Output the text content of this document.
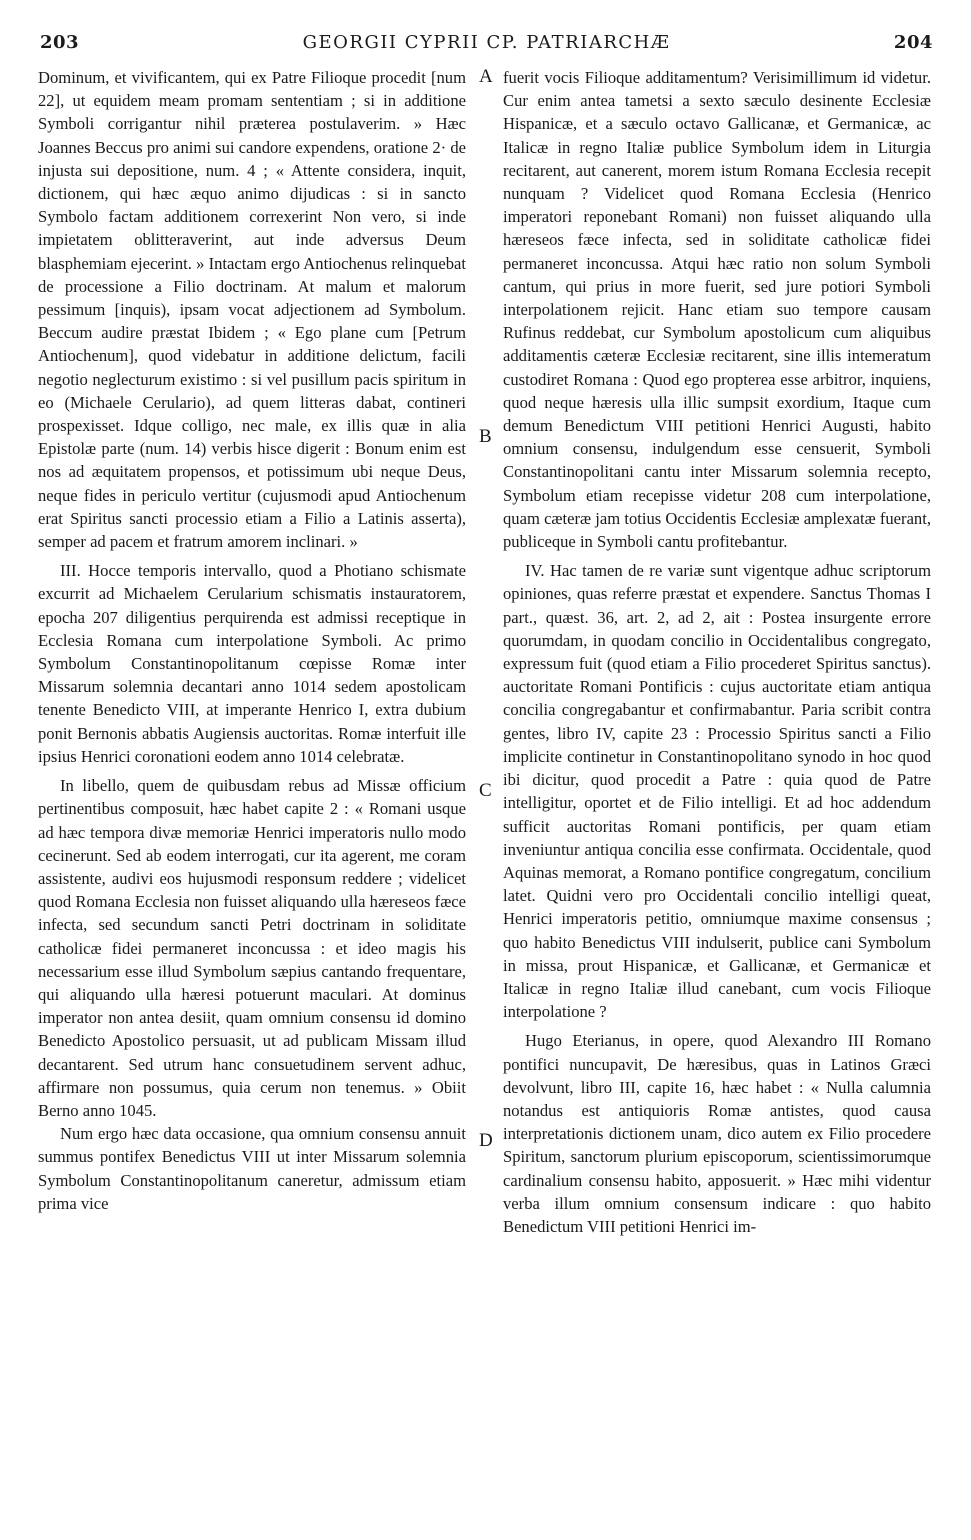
203	GEORGII CYPRII CP. PATRIARCHÆ	204

Dominum, et vivificantem, qui ex Patre Filioque procedit [num 22], ut equidem meam promam sententiam ; si in additione Symboli corrigantur nihil præterea postulaverim. » Hæc Joannes Beccus pro animi sui candore expendens, oratione 2· de injusta sui depositione, num. 4 ; « Attente considera, inquit, dictionem, qui hæc æquo animo dijudicas : si in sancto Symbolo factam additionem correxerint Non vero, si inde impietatem oblitteraverint, aut inde adversus Deum blasphemiam ejecerint. » Intactam ergo Antiochenus relinquebat de processione a Filio doctrinam. At malum et malorum pessimum [inquis), ipsam vocat adjectionem ad Symbolum. Beccum audire præstat Ibidem ; « Ego plane cum [Petrum Antiochenum], quod videbatur in additione delictum, facili negotio neglecturum existimo : si vel pusillum pacis spiritum in eo (Michaele Cerulario), ad quem litteras dabat, contineri prospexisset. Idque colligo, nec male, ex illis quæ in alia Epistolæ parte (num. 14) verbis hisce digerit : Bonum enim est nos ad æquitatem propensos, et potissimum ubi neque Deus, neque fides in periculo vertitur (cujusmodi apud Antiochenum erat Spiritus sancti processio etiam a Filio a Latinis asserta), semper ad pacem et fratrum amorem inclinari. »

III. Hocce temporis intervallo, quod a Photiano schismate excurrit ad Michaelem Cerularium schismatis instauratorem, epocha 207 diligentius perquirenda est admissi receptique in Ecclesia Romana cum interpolatione Symboli. Ac primo Symbolum Constantinopolitanum cœpisse Romæ inter Missarum solemnia decantari anno 1014 sedem apostolicam tenente Benedicto VIII, at imperante Henrico I, extra dubium ponit Bernonis abbatis Augiensis auctoritas. Romæ interfuit ille ipsius Henrici coronationi eodem anno 1014 celebratæ.

In libello, quem de quibusdam rebus ad Missæ officium pertinentibus composuit, hæc habet capite 2 : « Romani usque ad hæc tempora divæ memoriæ Henrici imperatoris nullo modo cecinerunt. Sed ab eodem interrogati, cur ita agerent, me coram assistente, audivi eos hujusmodi responsum reddere ; videlicet quod Romana Ecclesia non fuisset aliquando ulla hæreseos fæce infecta, sed secundum sancti Petri doctrinam in soliditate catholicæ fidei permaneret inconcussa : et ideo magis his necessarium esse illud Symbolum sæpius cantando frequentare, qui aliquando ulla hæresi potuerunt maculari. At dominus imperator non antea desiit, quam omnium consensu id domino Benedicto Apostolico persuasit, ut ad publicam Missam illud decantarent. Sed utrum hanc consuetudinem servent adhuc, affirmare non possumus, quia cerum non tenemus. » Obiit Berno anno 1045.

Num ergo hæc data occasione, qua omnium consensu annuit summus pontifex Benedictus VIII ut inter Missarum solemnia Symbolum Constantinopolitanum caneretur, admissum etiam prima vice

fuerit vocis Filioque additamentum? Verisimillimum id videtur. Cur enim antea tametsi a sexto sæculo desinente Ecclesiæ Hispanicæ, et a sæculo octavo Gallicanæ, et Germanicæ, ac Italicæ in regno Italiæ publice Symbolum idem in Liturgia recitarent, aut canerent, morem istum Romana Ecclesia recepit nunquam ? Videlicet quod Romana Ecclesia (Henrico imperatori reponebant Romani) non fuisset aliquando ulla hæreseos fæce infecta, sed in soliditate catholicæ fidei permaneret inconcussa. Atqui hæc ratio non solum Symboli cantum, qui prius in more fuerit, sed jure potiori Symboli interpolationem rejicit. Hanc etiam suo tempore causam Rufinus reddebat, cur Symbolum apostolicum cum aliquibus additamentis cæteræ Ecclesiæ recitarent, sine illis intemeratum custodiret Romana : Quod ego propterea esse arbitror, inquiens, quod neque hæresis ulla illic sumpsit exordium, Itaque cum demum Benedictum VIII petitioni Henrici Augusti, habito omnium consensu, indulgendum esse censuerit, Symboli Constantinopolitani cantu inter Missarum solemnia recepto, Symbolum etiam recepisse videtur 208 cum interpolatione, quam cæteræ jam totius Occidentis Ecclesiæ amplexatæ fuerant, publiceque in Symboli cantu profitebantur.

IV. Hac tamen de re variæ sunt vigentque adhuc scriptorum opiniones, quas referre præstat et expendere. Sanctus Thomas I part., quæst. 36, art. 2, ad 2, ait : Postea insurgente errore quorumdam, in quodam concilio in Occidentalibus congregato, expressum fuit (quod etiam a Filio procederet Spiritus sanctus). auctoritate Romani Pontificis : cujus auctoritate etiam antiqua concilia congregabantur et confirmabantur. Paria scribit contra gentes, libro IV, capite 23 : Processio Spiritus sancti a Filio implicite continetur in Constantinopolitano synodo in hoc quod ibi dicitur, quod procedit a Patre : quia quod de Patre intelligitur, oportet et de Filio intelligi. Et ad hoc addendum sufficit auctoritas Romani pontificis, per quam etiam inveniuntur antiqua concilia esse confirmata. Occidentale, quod Aquinas memorat, a Romano pontifice congregatum, concilium latet. Quidni vero pro Occidentali concilio intelligi queat, Henrici imperatoris petitio, omniumque maxime consensus ; quo habito Benedictus VIII indulserit, publice cani Symbolum in missa, prout Hispanicæ, et Gallicanæ, et Germanicæ et Italicæ in regno Italiæ illud canebant, cum vocis Filioque interpolatione ?

Hugo Eterianus, in opere, quod Alexandro III Romano pontifici nuncupavit, De hæresibus, quas in Latinos Græci devolvunt, libro III, capite 16, hæc habet : « Nulla calumnia notandus est antiquioris Romæ antistes, quod causa interpretationis dictionem unam, dico autem ex Filio procedere Spiritum, sanctorum plurium episcoporum, scientissimorumque cardinalium consensu habito, apposuerit. » Hæc mihi videntur verba illum omnium consensum indicare : quo habito Benedictum VIII petitioni Henrici im-

A
B
C
D
